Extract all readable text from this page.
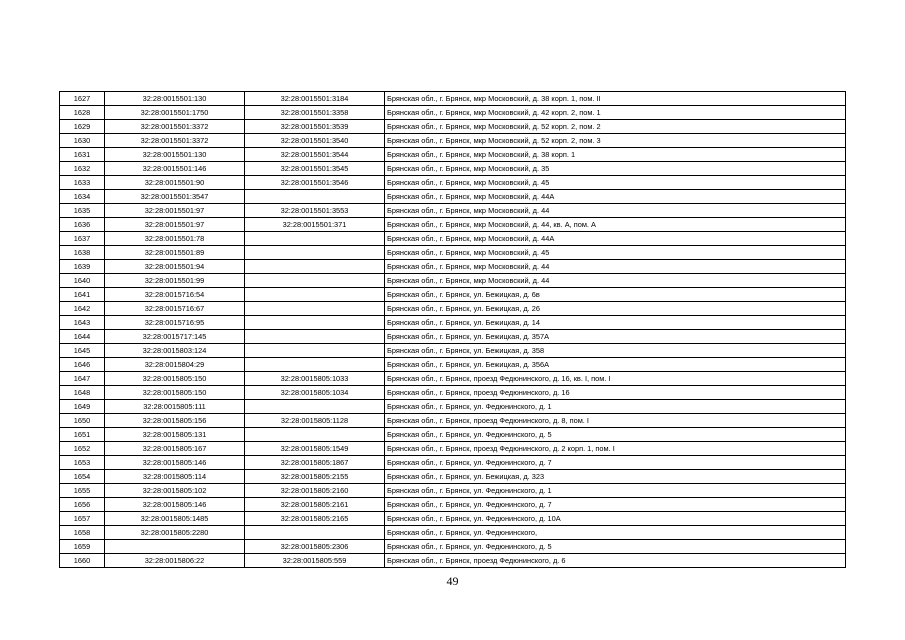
1627	32:28:0015501:130	32:28:0015501:3184	Брянская обл., г. Брянск, мкр Московский, д. 38 корп. 1, пом. II
1628	32:28:0015501:1750	32:28:0015501:3358	Брянская обл., г. Брянск, мкр Московский, д. 42 корп. 2, пом. 1
1629	32:28:0015501:3372	32:28:0015501:3539	Брянская обл., г. Брянск, мкр Московский, д. 52 корп. 2, пом. 2
1630	32:28:0015501:3372	32:28:0015501:3540	Брянская обл., г. Брянск, мкр Московский, д. 52 корп. 2, пом. 3
1631	32:28:0015501:130	32:28:0015501:3544	Брянская обл., г. Брянск, мкр Московский, д. 38 корп. 1
1632	32:28:0015501:146	32:28:0015501:3545	Брянская обл., г. Брянск, мкр Московский, д. 35
1633	32:28:0015501:90	32:28:0015501:3546	Брянская обл., г. Брянск, мкр Московский, д. 45
1634	32:28:0015501:3547		Брянская обл., г. Брянск, мкр Московский, д. 44А
1635	32:28:0015501:97	32:28:0015501:3553	Брянская обл., г. Брянск, мкр Московский, д. 44
1636	32:28:0015501:97	32:28:0015501:371	Брянская обл., г. Брянск, мкр Московский, д. 44, кв. А, пом. А
1637	32:28:0015501:78		Брянская обл., г. Брянск, мкр Московский, д. 44А
1638	32:28:0015501:89		Брянская обл., г. Брянск, мкр Московский, д. 45
1639	32:28:0015501:94		Брянская обл., г. Брянск, мкр Московский, д. 44
1640	32:28:0015501:99		Брянская обл., г. Брянск, мкр Московский, д. 44
1641	32:28:0015716:54		Брянская обл., г. Брянск, ул. Бежицкая, д. 6в
1642	32:28:0015716:67		Брянская обл., г. Брянск, ул. Бежицкая, д. 26
1643	32:28:0015716:95		Брянская обл., г. Брянск, ул. Бежицкая, д. 14
1644	32:28:0015717:145		Брянская обл., г. Брянск, ул. Бежицкая, д. 357А
1645	32:28:0015803:124		Брянская обл., г. Брянск, ул. Бежицкая, д. 358
1646	32:28:0015804:29		Брянская обл., г. Брянск, ул. Бежицкая, д. 356А
1647	32:28:0015805:150	32:28:0015805:1033	Брянская обл., г. Брянск, проезд Федюнинского, д. 16, кв. I, пом. I
1648	32:28:0015805:150	32:28:0015805:1034	Брянская обл., г. Брянск, проезд Федюнинского, д. 16
1649	32:28:0015805:111		Брянская обл., г. Брянск, ул. Федюнинского, д. 1
1650	32:28:0015805:156	32:28:0015805:1128	Брянская обл., г. Брянск, проезд Федюнинского, д. 8, пом. I
1651	32:28:0015805:131		Брянская обл., г. Брянск, ул. Федюнинского, д. 5
1652	32:28:0015805:167	32:28:0015805:1549	Брянская обл., г. Брянск, проезд Федюнинского, д. 2 корп. 1, пом. I
1653	32:28:0015805:146	32:28:0015805:1867	Брянская обл., г. Брянск, ул. Федюнинского, д. 7
1654	32:28:0015805:114	32:28:0015805:2155	Брянская обл., г. Брянск, ул. Бежицкая, д. 323
1655	32:28:0015805:102	32:28:0015805:2160	Брянская обл., г. Брянск, ул. Федюнинского, д. 1
1656	32:28:0015805:146	32:28:0015805:2161	Брянская обл., г. Брянск, ул. Федюнинского, д. 7
1657	32:28:0015805:1485	32:28:0015805:2165	Брянская обл., г. Брянск, ул. Федюнинского, д. 10А
1658	32:28:0015805:2280		Брянская обл., г. Брянск, ул. Федюнинского,
1659		32:28:0015805:2306	Брянская обл., г. Брянск, ул. Федюнинского, д. 5
1660	32:28:0015806:22	32:28:0015805:559	Брянская обл., г. Брянск, проезд Федюнинского, д. 6
49
